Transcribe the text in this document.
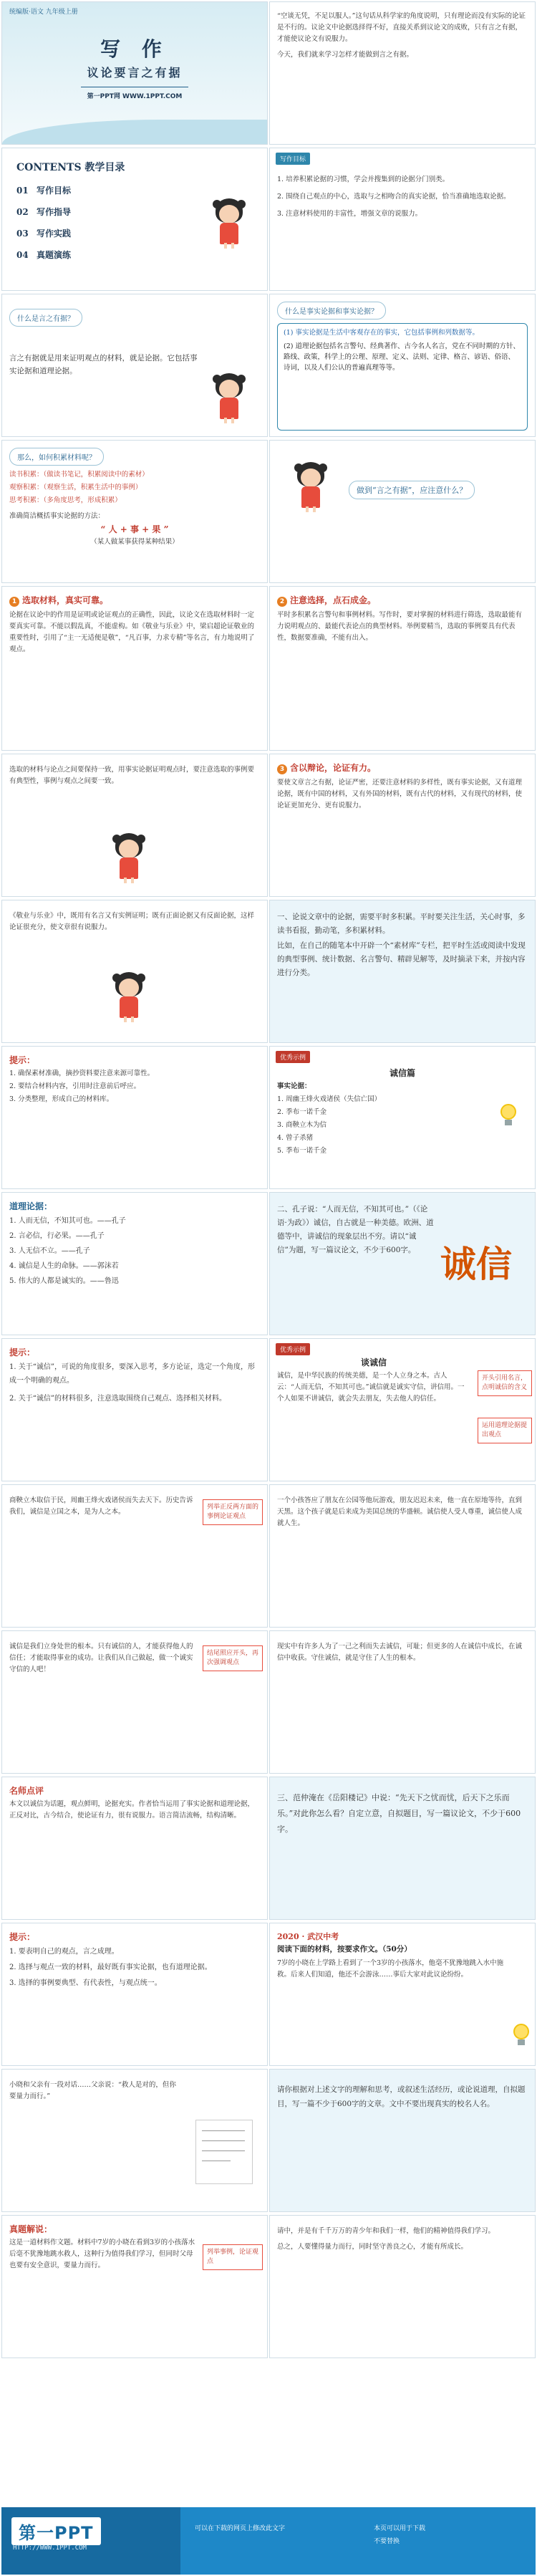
统编版·语文 九年级上册
写 作
议论要言之有据
第一PPT网 WWW.1PPT.COM

“空谈无凭，不足以服人。”这句话从科学家的角度说明，只有理论而没有实际的论证是不行的。议论文中论据选择得不好，直接关系到议论文的成败，只有言之有据，才能使议论文有说服力。

今天，我们就来学习怎样才能做到言之有据。

CONTENTS 教学目录
01 写作目标
02 写作指导
03 写作实践
04 真题演练
写作目标

1. 培养积累论据的习惯，学会并搜集到的论据分门别类。

2. 围绕自己观点的中心，选取与之相吻合的真实论据，恰当准确地选取论据。

3. 注意材料使用的丰富性，增强文章的说服力。

什么是言之有据？
言之有据就是用来证明观点的材料，就是论据。它包括事实论据和道理论据。
什么是事实论据和事实论据？

(1) 事实论据是生活中客观存在的事实，它包括事例和列数据等。

(2) 道理论据包括名言警句、经典著作、古今名人名言，党在不同时期的方针、路线、政策，科学上的公理、原理、定义、法则、定律、格言、谚语、俗语、诗词，以及人们公认的普遍真理等等。

那么，如何积累材料呢？

读书积累：（做读书笔记，积累阅读中的素材）

观察积累：（观察生活，积累生活中的事例）

思考积累：（多角度思考，形成积累）

准确简洁概括事实论据的方法：

“ 人 + 事 + 果 ”

（某人做某事获得某种结果）

做到“言之有据”，应注意什么？
1 选取材料，真实可靠。
论据在议论中的作用是证明或论证观点的正确性，因此，议论文在选取材料时一定要真实可靠。不能以假乱真，不能虚构。如《敬业与乐业》中，梁启超论证敬业的重要性时，引用了“主一无适便是敬”，“凡百事，力求专精”等名言，有力地说明了观点。
2 注意选择，点石成金。
平时多积累名言警句和事例材料。写作时，要对掌握的材料进行筛选，选取最能有力说明观点的、最能代表论点的典型材料。举例要精当，选取的事例要具有代表性，数据要准确，不能有出入。
选取的材料与论点之间要保持一致，用事实论据证明观点时，要注意选取的事例要有典型性，事例与观点之间要一致。
3 含以辩论，论证有力。
要使文章言之有据，论证严密，还要注意材料的多样性，既有事实论据，又有道理论据，既有中国的材料，又有外国的材料，既有古代的材料，又有现代的材料，使论证更加充分、更有说服力。
《敬业与乐业》中，既用有名言又有实例证明；既有正面论据又有反面论据，这样论证很充分，使文章很有说服力。

一、论说文章中的论据，需要平时多积累。平时要关注生活，关心时事，多读书看报，勤动笔，多积累材料。

比如，在自己的随笔本中开辟一个“素材库”专栏，把平时生活或阅读中发现的典型事例、统计数据、名言警句、精辟见解等，及时摘录下来，并按内容进行分类。

提示：

1. 确保素材准确，摘抄资料要注意来源可靠性。

2. 要结合材料内容，引用时注意前后呼应。

3. 分类整理，形成自己的材料库。

优秀示例
诚信篇

事实论据：

1. 周幽王烽火戏诸侯（失信亡国）

2. 季布一诺千金

3. 商鞅立木为信

4. 曾子杀猪

5. 季布一诺千金

道理论据：

1. 人而无信，不知其可也。——孔子

2. 言必信，行必果。——孔子

3. 人无信不立。——孔子

4. 诚信是人生的命脉。——郭沫若

5. 伟大的人都是诚实的。——鲁迅

二、孔子说：“人而无信，不知其可也。”（《论语·为政》）诚信，自古就是一种美德。欧洲、道德等中，讲诚信的现象层出不穷。请以“诚信”为题，写一篇议论文，不少于600字。 诚信
提示：

1. 关于“诚信”，可说的角度很多，要深入思考，多方论证，选定一个角度，形成一个明确的观点。

2. 关于“诚信”的材料很多，注意选取围绕自己观点、选择相关材料。

优秀示例
谈诚信
诚信，是中华民族的传统美德，是一个人立身之本。古人云：“人而无信，不知其可也。”诚信就是诚实守信，讲信用。一个人如果不讲诚信，就会失去朋友，失去他人的信任。
开头引用名言，点明诚信的含义
运用道理论据提出观点
商鞅立木取信于民，周幽王烽火戏诸侯而失去天下。历史告诉我们，诚信是立国之本，是为人之本。
列举正反两方面的事例论证观点
一个小孩答应了朋友在公园等他玩游戏，朋友迟迟未来，他一直在原地等待，直到天黑。这个孩子就是后来成为美国总统的华盛顿。诚信使人受人尊重，诚信使人成就人生。
诚信是我们立身处世的根本。只有诚信的人，才能获得他人的信任；才能取得事业的成功。让我们从自己做起，做一个诚实守信的人吧！
结尾照应开头，再次强调观点
现实中有许多人为了一己之利而失去诚信，可耻；但更多的人在诚信中成长，在诚信中收获。守住诚信，就是守住了人生的根本。
名师点评
本文以诚信为话题，观点鲜明，论据充实。作者恰当运用了事实论据和道理论据，正反对比，古今结合，使论证有力，很有说服力。语言简洁流畅，结构清晰。
三、范仲淹在《岳阳楼记》中说：“先天下之忧而忧，后天下之乐而乐。”对此你怎么看？自定立意，自拟题目，写一篇议论文，不少于600字。
提示：

1. 要表明自己的观点，言之成理。

2. 选择与观点一致的材料，最好既有事实论据，也有道理论据。

3. 选择的事例要典型、有代表性，与观点统一。

2020 · 武汉中考
阅读下面的材料，按要求作文。（50分）
7岁的小晓在上学路上看到了一个3岁的小孩落水，他毫不犹豫地跳入水中施救。后来人们知道，他还不会游泳……事后大家对此议论纷纷。
小晓和父亲有一段对话……父亲说：“救人是对的，但你要量力而行。”
请你根据对上述文字的理解和思考，或叙述生活经历，或论说道理，自拟题目，写一篇不少于600字的文章。文中不要出现真实的校名人名。
真题解说：
这是一道材料作文题。材料中7岁的小晓在看到3岁的小孩落水后毫不犹豫地跳水救人，这种行为值得我们学习，但同时父母也要有安全意识，要量力而行。
列举事例，论证观点

请中，并是有千千万万的青少年和我们一样，他们的精神值得我们学习。

总之，人要懂得量力而行，同时坚守善良之心，才能有所成长。

第一PPT
HTTP://WWW.1PPT.COM
可以在下载的网页上修改此文字	本页可以用于下载
不要替换
